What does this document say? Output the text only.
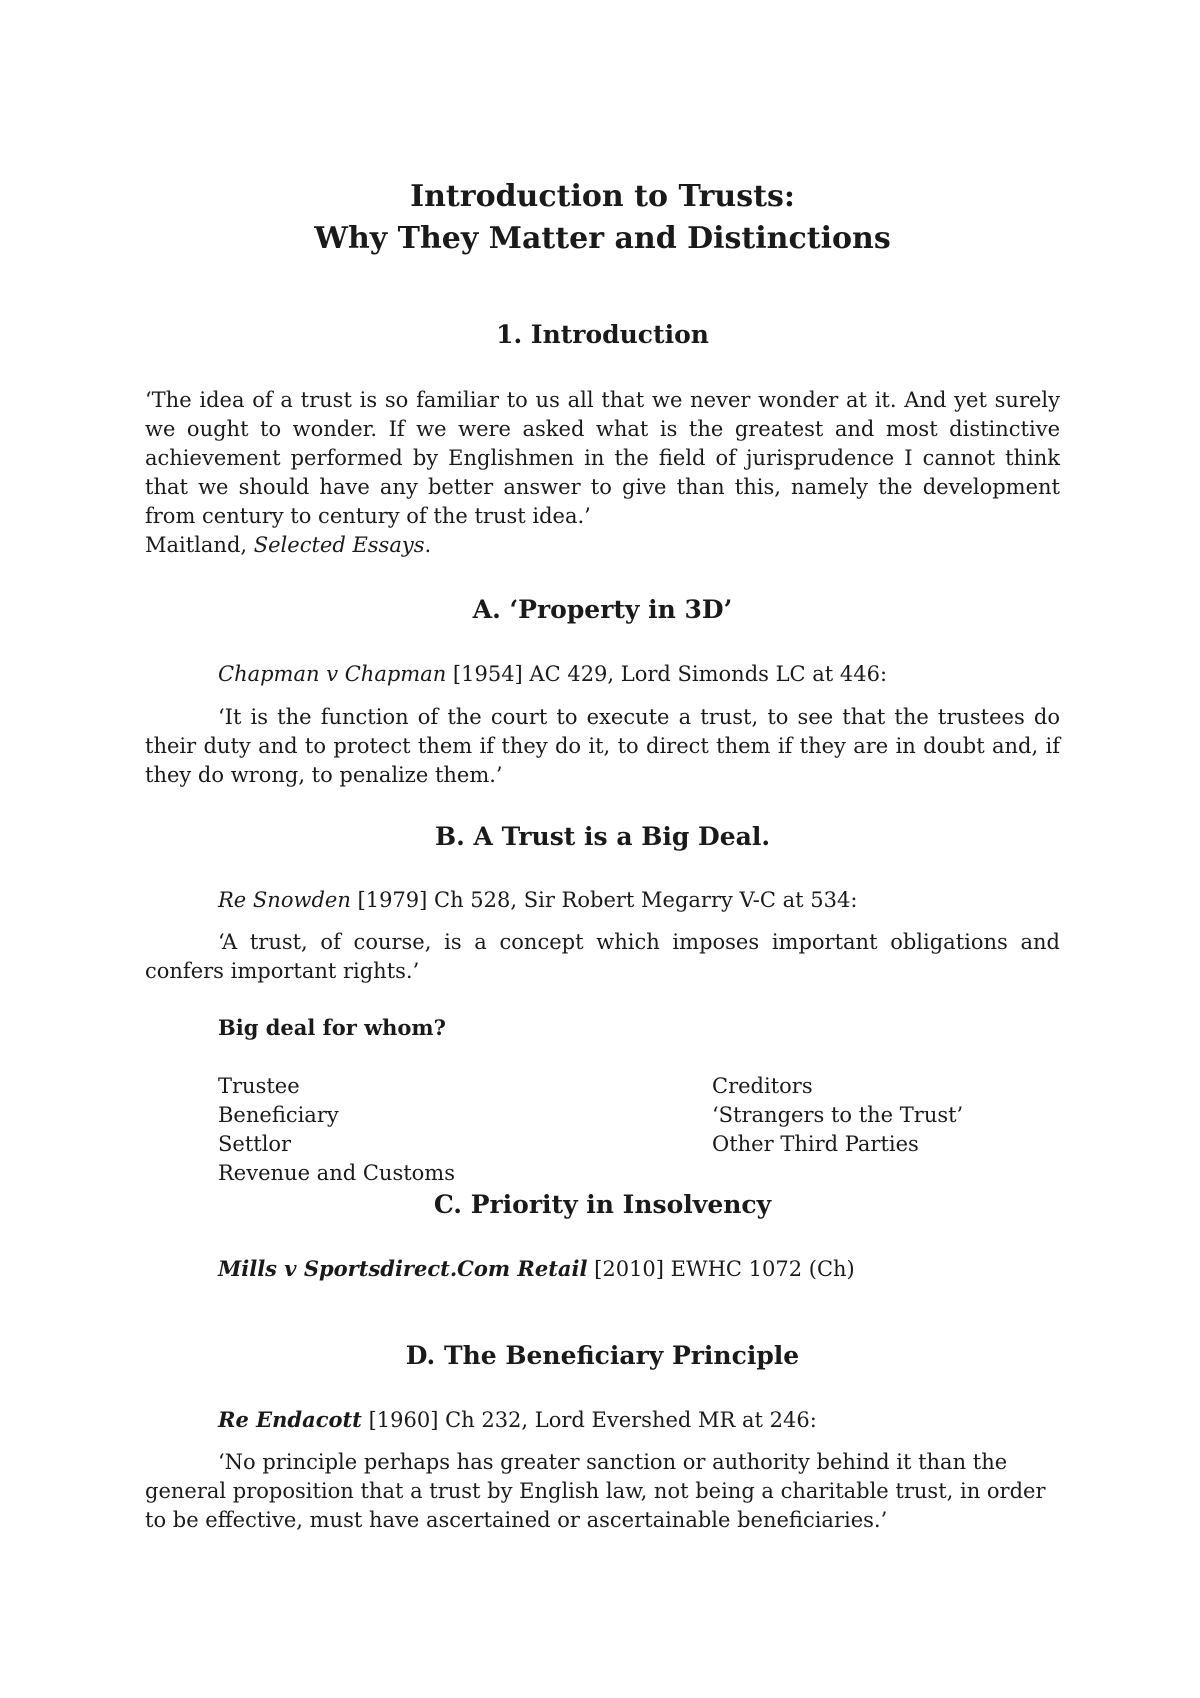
Introduction to Trusts:
Why They Matter and Distinctions
1. Introduction

‘The idea of a trust is so familiar to us all that we never wonder at it. And yet surely we ought to wonder. If we were asked what is the greatest and most distinctive achievement performed by Englishmen in the field of jurisprudence I cannot think that we should have any better answer to give than this, namely the development from century to century of the trust idea.’

Maitland, Selected Essays.

A. ‘Property in 3D’

Chapman v Chapman [1954] AC 429, Lord Simonds LC at 446:

‘It is the function of the court to execute a trust, to see that the trustees do their duty and to protect them if they do it, to direct them if they are in doubt and, if they do wrong, to penalize them.’

B. A Trust is a Big Deal.

Re Snowden [1979] Ch 528, Sir Robert Megarry V-C at 534:

‘A trust, of course, is a concept which imposes important obligations and confers important rights.’

Big deal for whom?

Trustee
Beneficiary
Settlor
Revenue and Customs
Creditors
‘Strangers to the Trust’
Other Third Parties
C. Priority in Insolvency

Mills v Sportsdirect.Com Retail [2010] EWHC 1072 (Ch)

D. The Beneficiary Principle

Re Endacott [1960] Ch 232, Lord Evershed MR at 246:

‘No principle perhaps has greater sanction or authority behind it than the general proposition that a trust by English law, not being a charitable trust, in order to be effective, must have ascertained or ascertainable beneficiaries.’
